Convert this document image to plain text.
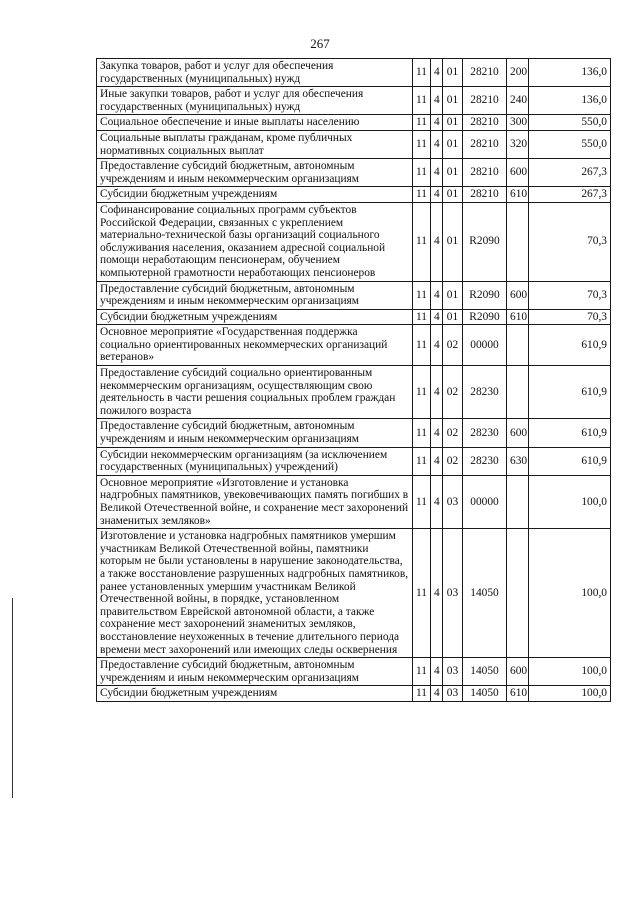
267
Закупка товаров, работ и услуг для обеспечения государственных (муниципальных) нужд	11	4	01	28210	200	136,0
Иные закупки товаров, работ и услуг для обеспечения государственных (муниципальных) нужд	11	4	01	28210	240	136,0
Социальное обеспечение и иные выплаты населению	11	4	01	28210	300	550,0
Социальные выплаты гражданам, кроме публичных нормативных социальных выплат	11	4	01	28210	320	550,0
Предоставление субсидий бюджетным, автономным учреждениям и иным некоммерческим организациям	11	4	01	28210	600	267,3
Субсидии бюджетным учреждениям	11	4	01	28210	610	267,3
Софинансирование социальных программ субъектов Российской Федерации, связанных с укреплением материально-технической базы организаций социального обслуживания населения, оказанием адресной социальной помощи неработающим пенсионерам, обучением компьютерной грамотности неработающих пенсионеров	11	4	01	R2090		70,3
Предоставление субсидий бюджетным, автономным учреждениям и иным некоммерческим организациям	11	4	01	R2090	600	70,3
Субсидии бюджетным учреждениям	11	4	01	R2090	610	70,3
Основное мероприятие «Государственная поддержка социально ориентированных некоммерческих организаций ветеранов»	11	4	02	00000		610,9
Предоставление субсидий социально ориентированным некоммерческим организациям, осуществляющим свою деятельность в части решения социальных проблем граждан пожилого возраста	11	4	02	28230		610,9
Предоставление субсидий бюджетным, автономным учреждениям и иным некоммерческим организациям	11	4	02	28230	600	610,9
Субсидии некоммерческим организациям (за исключением государственных (муниципальных) учреждений)	11	4	02	28230	630	610,9
Основное мероприятие «Изготовление и установка надгробных памятников, увековечивающих память погибших в Великой Отечественной войне, и сохранение мест захоронений знаменитых земляков»	11	4	03	00000		100,0
Изготовление и установка надгробных памятников умершим участникам Великой Отечественной войны, памятники которым не были установлены в нарушение законодательства, а также восстановление разрушенных надгробных памятников, ранее установленных умершим участникам Великой Отечественной войны, в порядке, установленном правительством Еврейской автономной области, а также сохранение мест захоронений знаменитых земляков, восстановление неухоженных в течение длительного периода времени мест захоронений или имеющих следы осквернения	11	4	03	14050		100,0
Предоставление субсидий бюджетным, автономным учреждениям и иным некоммерческим организациям	11	4	03	14050	600	100,0
Субсидии бюджетным учреждениям	11	4	03	14050	610	100,0
